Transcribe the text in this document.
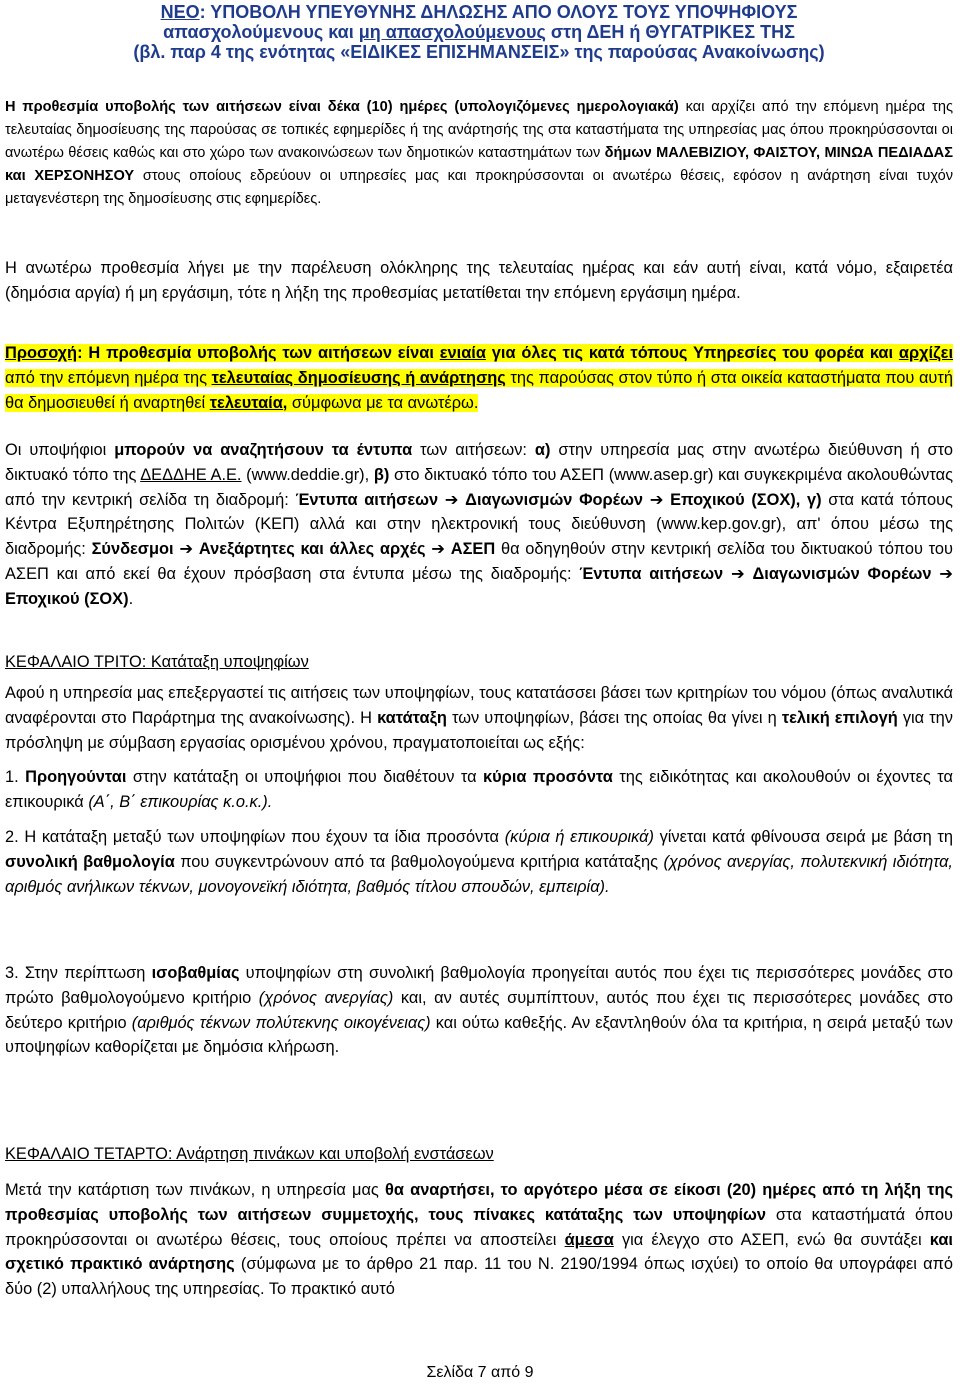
ΝΕΟ: ΥΠΟΒΟΛΗ ΥΠΕΥΘΥΝΗΣ ΔΗΛΩΣΗΣ ΑΠΟ ΟΛΟΥΣ ΤΟΥΣ ΥΠΟΨΗΦΙΟΥΣ
απασχολούμενους και μη απασχολούμενους στη ΔΕΗ ή ΘΥΓΑΤΡΙΚΕΣ ΤΗΣ
(βλ. παρ 4 της ενότητας «ΕΙΔΙΚΕΣ ΕΠΙΣΗΜΑΝΣΕΙΣ» της παρούσας Ανακοίνωσης)

Η προθεσμία υποβολής των αιτήσεων είναι δέκα (10) ημέρες (υπολογιζόμενες ημερολογιακά) και αρχίζει από την επόμενη ημέρα της τελευταίας δημοσίευσης της παρούσας σε τοπικές εφημερίδες ή της ανάρτησής της στα καταστήματα της υπηρεσίας μας όπου προκηρύσσονται οι ανωτέρω θέσεις καθώς και στο χώρο των ανακοινώσεων των δημοτικών καταστημάτων των δήμων ΜΑΛΕΒΙΖΙΟΥ, ΦΑΙΣΤΟΥ, ΜΙΝΩΑ ΠΕΔΙΑΔΑΣ και ΧΕΡΣΟΝΗΣΟΥ στους οποίους εδρεύουν οι υπηρεσίες μας και προκηρύσσονται οι ανωτέρω θέσεις, εφόσον η ανάρτηση είναι τυχόν μεταγενέστερη της δημοσίευσης στις εφημερίδες.

Η ανωτέρω προθεσμία λήγει με την παρέλευση ολόκληρης της τελευταίας ημέρας και εάν αυτή είναι, κατά νόμο, εξαιρετέα (δημόσια αργία) ή μη εργάσιμη, τότε η λήξη της προθεσμίας μετατίθεται την επόμενη εργάσιμη ημέρα.

Προσοχή: Η προθεσμία υποβολής των αιτήσεων είναι ενιαία για όλες τις κατά τόπους Υπηρεσίες του φορέα και αρχίζει από την επόμενη ημέρα της τελευταίας δημοσίευσης ή ανάρτησης της παρούσας στον τύπο ή στα οικεία καταστήματα που αυτή θα δημοσιευθεί ή αναρτηθεί τελευταία, σύμφωνα με τα ανωτέρω.

Οι υποψήφιοι μπορούν να αναζητήσουν τα έντυπα των αιτήσεων: α) στην υπηρεσία μας στην ανωτέρω διεύθυνση ή στο δικτυακό τόπο της ΔΕΔΔΗΕ Α.Ε. (www.deddie.gr), β) στο δικτυακό τόπο του ΑΣΕΠ (www.asep.gr) και συγκεκριμένα ακολουθώντας από την κεντρική σελίδα τη διαδρομή: Έντυπα αιτήσεων ➔ Διαγωνισμών Φορέων ➔ Εποχικού (ΣΟΧ), γ) στα κατά τόπους Κέντρα Εξυπηρέτησης Πολιτών (ΚΕΠ) αλλά και στην ηλεκτρονική τους διεύθυνση (www.kep.gov.gr), απ' όπου μέσω της διαδρομής: Σύνδεσμοι ➔ Ανεξάρτητες και άλλες αρχές ➔ ΑΣΕΠ θα οδηγηθούν στην κεντρική σελίδα του δικτυακού τόπου του ΑΣΕΠ και από εκεί θα έχουν πρόσβαση στα έντυπα μέσω της διαδρομής: Έντυπα αιτήσεων ➔ Διαγωνισμών Φορέων ➔ Εποχικού (ΣΟΧ).

ΚΕΦΑΛΑΙΟ ΤΡΙΤΟ: Κατάταξη υποψηφίων

Αφού η υπηρεσία μας επεξεργαστεί τις αιτήσεις των υποψηφίων, τους κατατάσσει βάσει των κριτηρίων του νόμου (όπως αναλυτικά αναφέρονται στο Παράρτημα της ανακοίνωσης). Η κατάταξη των υποψηφίων, βάσει της οποίας θα γίνει η τελική επιλογή για την πρόσληψη με σύμβαση εργασίας ορισμένου χρόνου, πραγματοποιείται ως εξής:

1. Προηγούνται στην κατάταξη οι υποψήφιοι που διαθέτουν τα κύρια προσόντα της ειδικότητας και ακολουθούν οι έχοντες τα επικουρικά (Α΄, Β΄ επικουρίας κ.ο.κ.).

2. Η κατάταξη μεταξύ των υποψηφίων που έχουν τα ίδια προσόντα (κύρια ή επικουρικά) γίνεται κατά φθίνουσα σειρά με βάση τη συνολική βαθμολογία που συγκεντρώνουν από τα βαθμολογούμενα κριτήρια κατάταξης (χρόνος ανεργίας, πολυτεκνική ιδιότητα, αριθμός ανήλικων τέκνων, μονογονεϊκή ιδιότητα, βαθμός τίτλου σπουδών, εμπειρία).

3. Στην περίπτωση ισοβαθμίας υποψηφίων στη συνολική βαθμολογία προηγείται αυτός που έχει τις περισσότερες μονάδες στο πρώτο βαθμολογούμενο κριτήριο (χρόνος ανεργίας) και, αν αυτές συμπίπτουν, αυτός που έχει τις περισσότερες μονάδες στο δεύτερο κριτήριο (αριθμός τέκνων πολύτεκνης οικογένειας) και ούτω καθεξής. Αν εξαντληθούν όλα τα κριτήρια, η σειρά μεταξύ των υποψηφίων καθορίζεται με δημόσια κλήρωση.

ΚΕΦΑΛΑΙΟ ΤΕΤΑΡΤΟ: Ανάρτηση πινάκων και υποβολή ενστάσεων

Μετά την κατάρτιση των πινάκων, η υπηρεσία μας θα αναρτήσει, το αργότερο μέσα σε είκοσι (20) ημέρες από τη λήξη της προθεσμίας υποβολής των αιτήσεων συμμετοχής, τους πίνακες κατάταξης των υποψηφίων στα καταστήματά όπου προκηρύσσονται οι ανωτέρω θέσεις, τους οποίους πρέπει να αποστείλει άμεσα για έλεγχο στο ΑΣΕΠ, ενώ θα συντάξει και σχετικό πρακτικό ανάρτησης (σύμφωνα με το άρθρο 21 παρ. 11 του Ν. 2190/1994 όπως ισχύει) το οποίο θα υπογράφει από δύο (2) υπαλλήλους της υπηρεσίας. Το πρακτικό αυτό

Σελίδα 7 από 9
